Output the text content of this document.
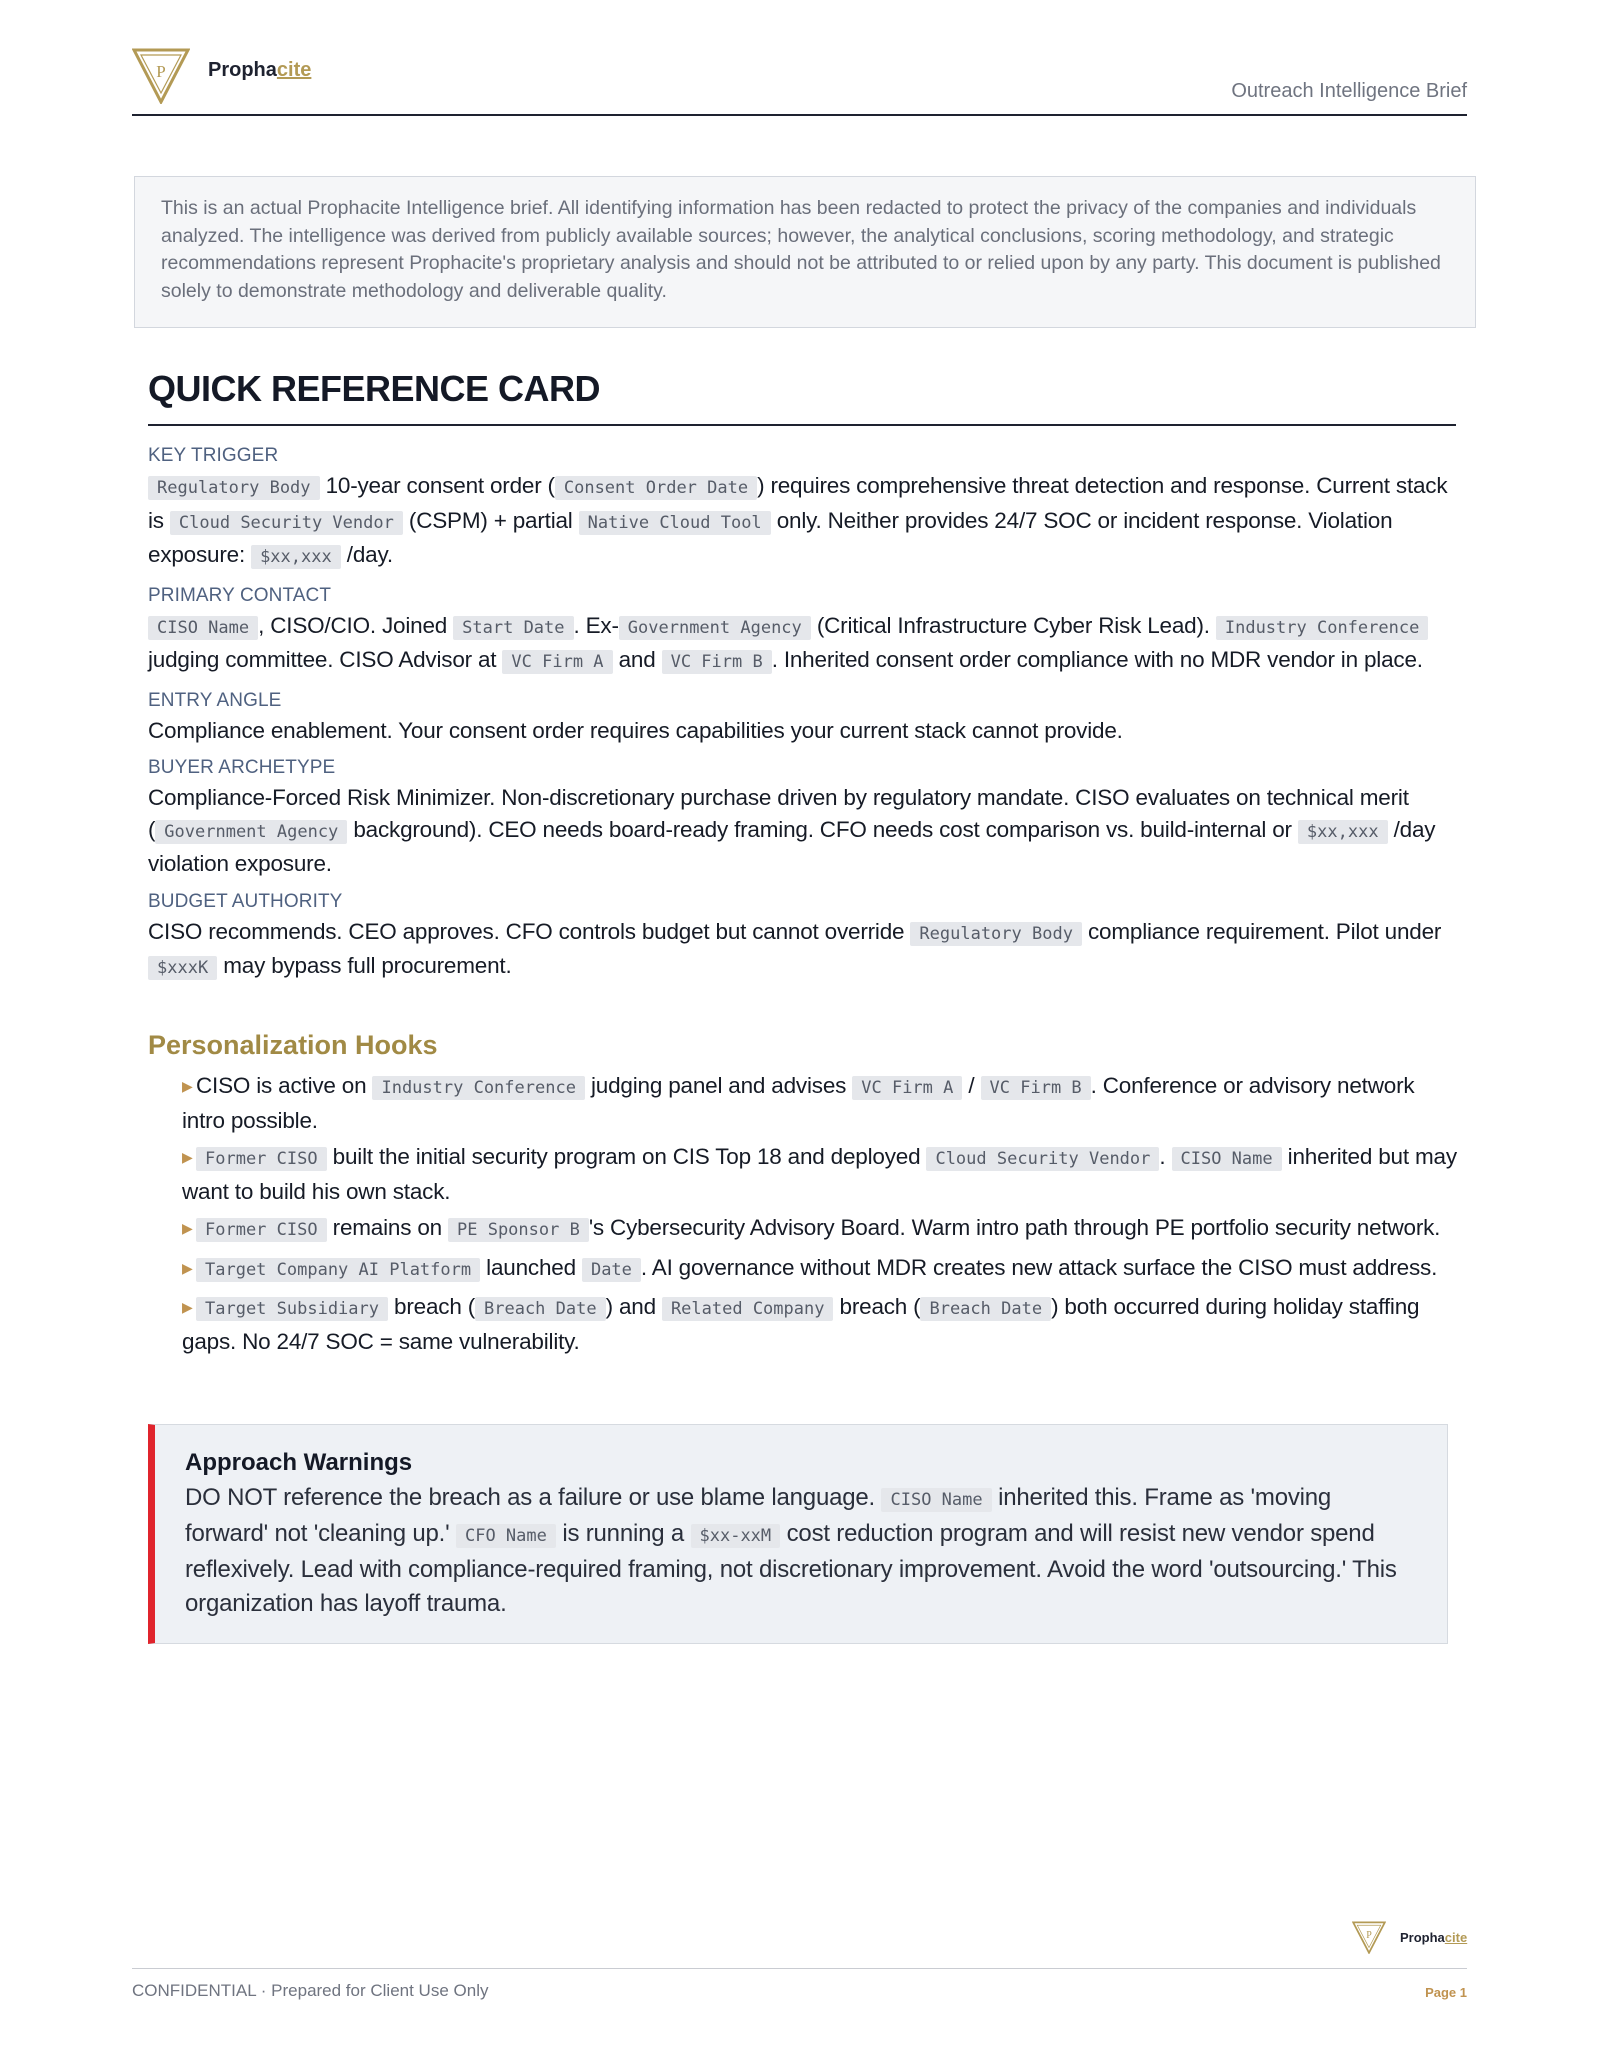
P Prophacite
Outreach Intelligence Brief
This is an actual Prophacite Intelligence brief. All identifying information has been redacted to protect the privacy of the companies and individuals analyzed. The intelligence was derived from publicly available sources; however, the analytical conclusions, scoring methodology, and strategic recommendations represent Prophacite's proprietary analysis and should not be attributed to or relied upon by any party. This document is published solely to demonstrate methodology and deliverable quality.
QUICK REFERENCE CARD
KEY TRIGGER
Regulatory Body 10-year consent order ( Consent Order Date ) requires comprehensive threat detection and response. Current stack is Cloud Security Vendor (CSPM) + partial Native Cloud Tool only. Neither provides 24/7 SOC or incident response. Violation exposure: $xx,xxx /day.
PRIMARY CONTACT
CISO Name , CISO/CIO. Joined Start Date . Ex- Government Agency (Critical Infrastructure Cyber Risk Lead). Industry Conference judging committee. CISO Advisor at VC Firm A and VC Firm B . Inherited consent order compliance with no MDR vendor in place.
ENTRY ANGLE
Compliance enablement. Your consent order requires capabilities your current stack cannot provide.
BUYER ARCHETYPE
Compliance-Forced Risk Minimizer. Non-discretionary purchase driven by regulatory mandate. CISO evaluates on technical merit ( Government Agency background). CEO needs board-ready framing. CFO needs cost comparison vs. build-internal or $xx,xxx /day violation exposure.
BUDGET AUTHORITY
CISO recommends. CEO approves. CFO controls budget but cannot override Regulatory Body compliance requirement. Pilot under $xxxK may bypass full procurement.
Personalization Hooks
▶ CISO is active on Industry Conference judging panel and advises VC Firm A / VC Firm B . Conference or advisory network intro possible.
▶ Former CISO built the initial security program on CIS Top 18 and deployed Cloud Security Vendor . CISO Name inherited but may want to build his own stack.
▶ Former CISO remains on PE Sponsor B 's Cybersecurity Advisory Board. Warm intro path through PE portfolio security network.
▶ Target Company AI Platform launched Date . AI governance without MDR creates new attack surface the CISO must address.
▶ Target Subsidiary breach ( Breach Date ) and Related Company breach ( Breach Date ) both occurred during holiday staffing gaps. No 24/7 SOC = same vulnerability.
Approach Warnings
DO NOT reference the breach as a failure or use blame language. CISO Name inherited this. Frame as 'moving forward' not 'cleaning up.' CFO Name is running a $xx-xxM cost reduction program and will resist new vendor spend reflexively. Lead with compliance-required framing, not discretionary improvement. Avoid the word 'outsourcing.' This organization has layoff trauma.
P Prophacite
CONFIDENTIAL · Prepared for Client Use Only	Page 1
